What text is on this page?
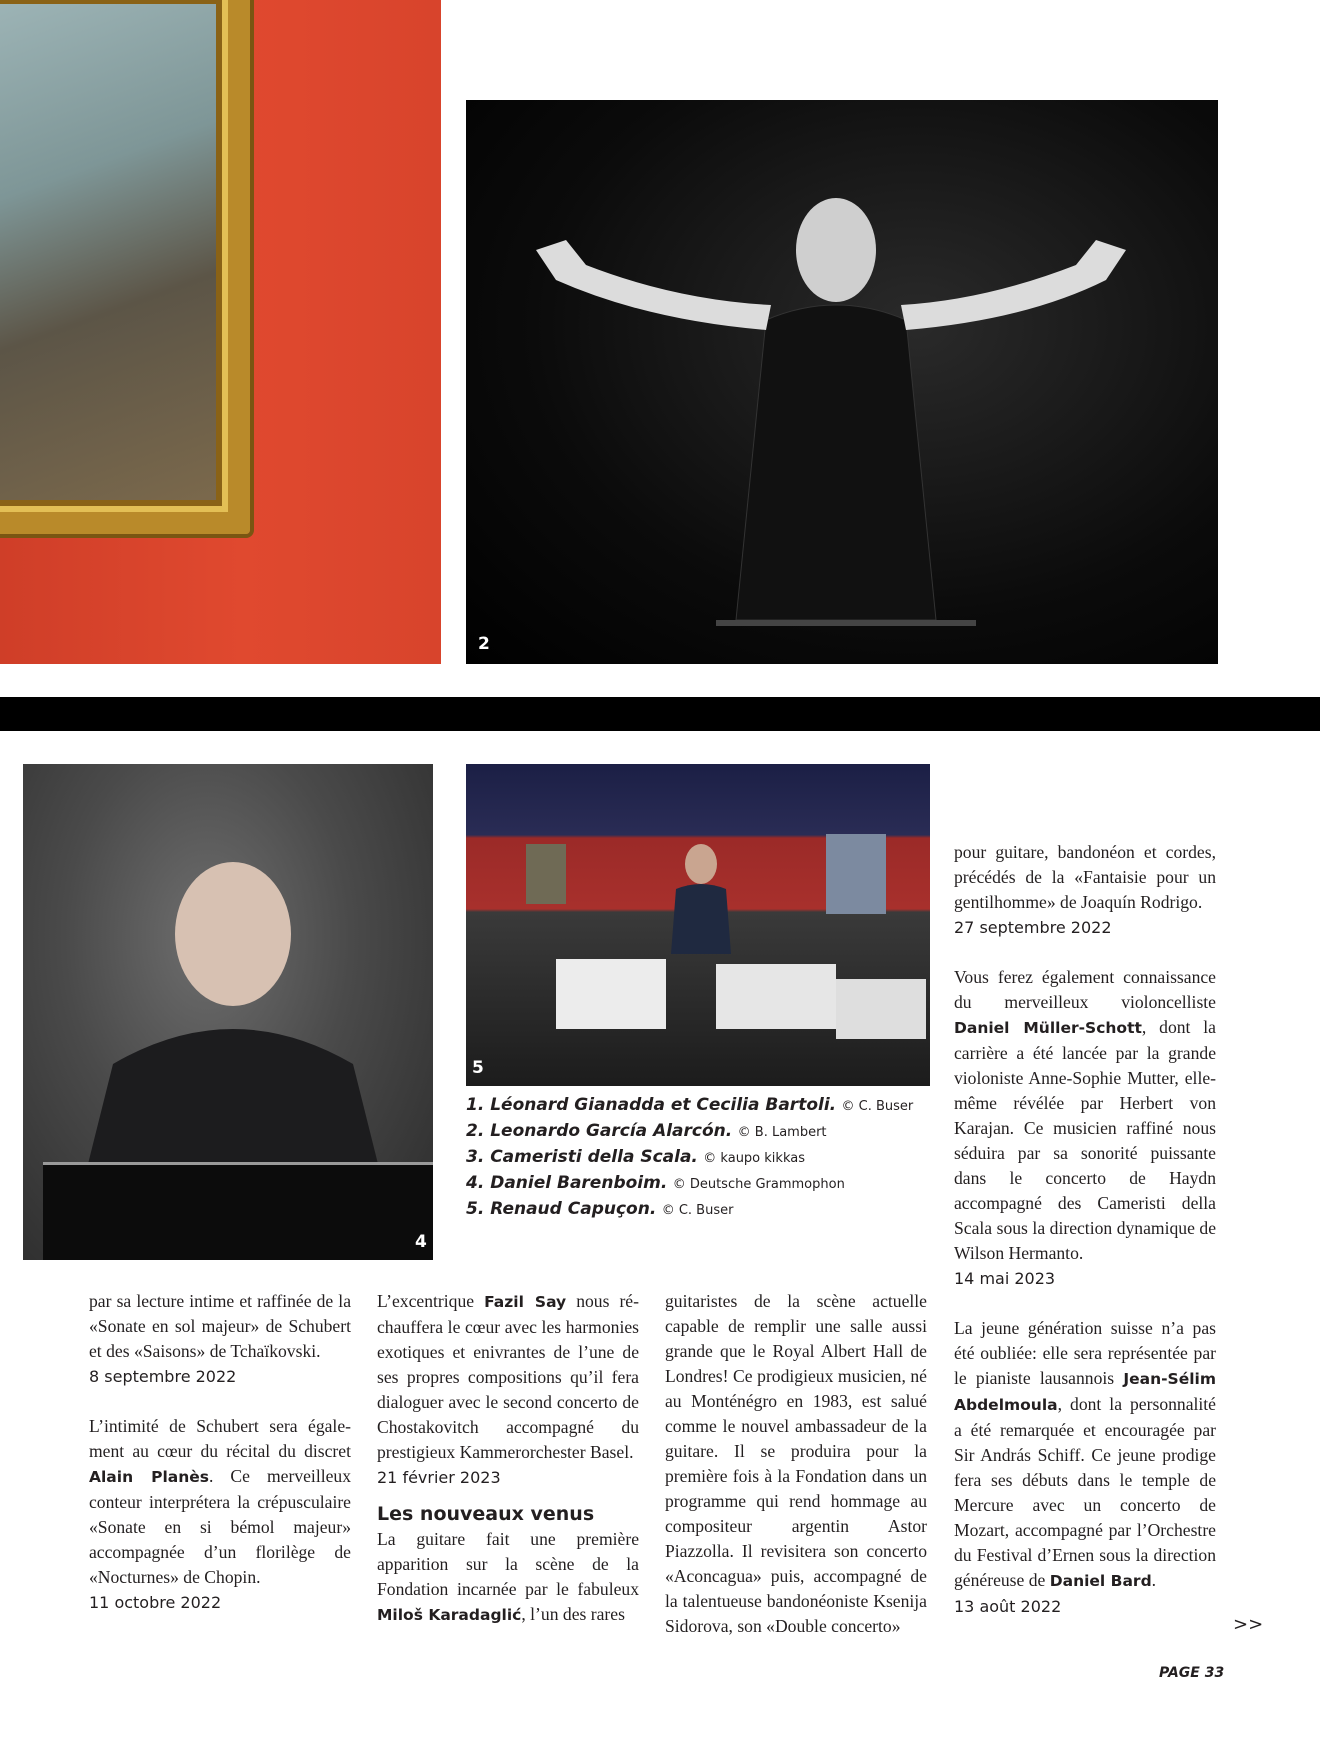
2
4
5
1. Léonard Gianadda et Cecilia Bartoli. © C. Buser
2. Leonardo García Alarcón. © B. Lambert
3. Cameristi della Scala. © kaupo kikkas
4. Daniel Barenboim. © Deutsche Grammophon
5. Renaud Capuçon. © C. Buser

par sa lecture intime et raffinée de la «Sonate en sol majeur» de Schubert et des «Saisons» de Tchaïkovski.
8 septembre 2022

L’intimité de Schubert sera également au cœur du récital du discret Alain Planès. Ce merveilleux conteur interprétera la crépusculaire «Sonate en si bémol majeur» accompagnée d’un florilège de «Nocturnes» de Chopin.
11 octobre 2022

L’excentrique Fazil Say nous réchauffera le cœur avec les harmonies exotiques et enivrantes de l’une de ses propres compositions qu’il fera dialoguer avec le second concerto de Chostakovitch accompagné du prestigieux Kammerorchester Basel.
21 février 2023

Les nouveaux venus

La guitare fait une première apparition sur la scène de la Fondation incarnée par le fabuleux Miloš Karadaglić, l’un des rares

guitaristes de la scène actuelle capable de remplir une salle aussi grande que le Royal Albert Hall de Londres! Ce prodigieux musicien, né au Monténégro en 1983, est salué comme le nouvel ambassadeur de la guitare. Il se produira pour la première fois à la Fondation dans un programme qui rend hommage au compositeur argentin Astor Piazzolla. Il revisitera son concerto «Aconcagua» puis, accompagné de la talentueuse bandonéoniste Ksenija Sidorova, son «Double concerto»

pour guitare, bandonéon et cordes, précédés de la «Fantaisie pour un gentilhomme» de Joaquín Rodrigo.
27 septembre 2022

Vous ferez également connaissance du merveilleux violoncelliste Daniel Müller-Schott, dont la carrière a été lancée par la grande violoniste Anne-Sophie Mutter, elle-même révélée par Herbert von Karajan. Ce musicien raffiné nous séduira par sa sonorité puissante dans le concerto de Haydn accompagné des Cameristi della Scala sous la direction dynamique de Wilson Hermanto.
14 mai 2023

La jeune génération suisse n’a pas été oubliée: elle sera représentée par le pianiste lausannois Jean-Sélim Abdelmoula, dont la personnalité a été remarquée et encouragée par Sir András Schiff. Ce jeune prodige fera ses débuts dans le temple de Mercure avec un concerto de Mozart, accompagné par l’Orchestre du Festival d’Ernen sous la direction généreuse de Daniel Bard.
13 août 2022

>>
PAGE 33
